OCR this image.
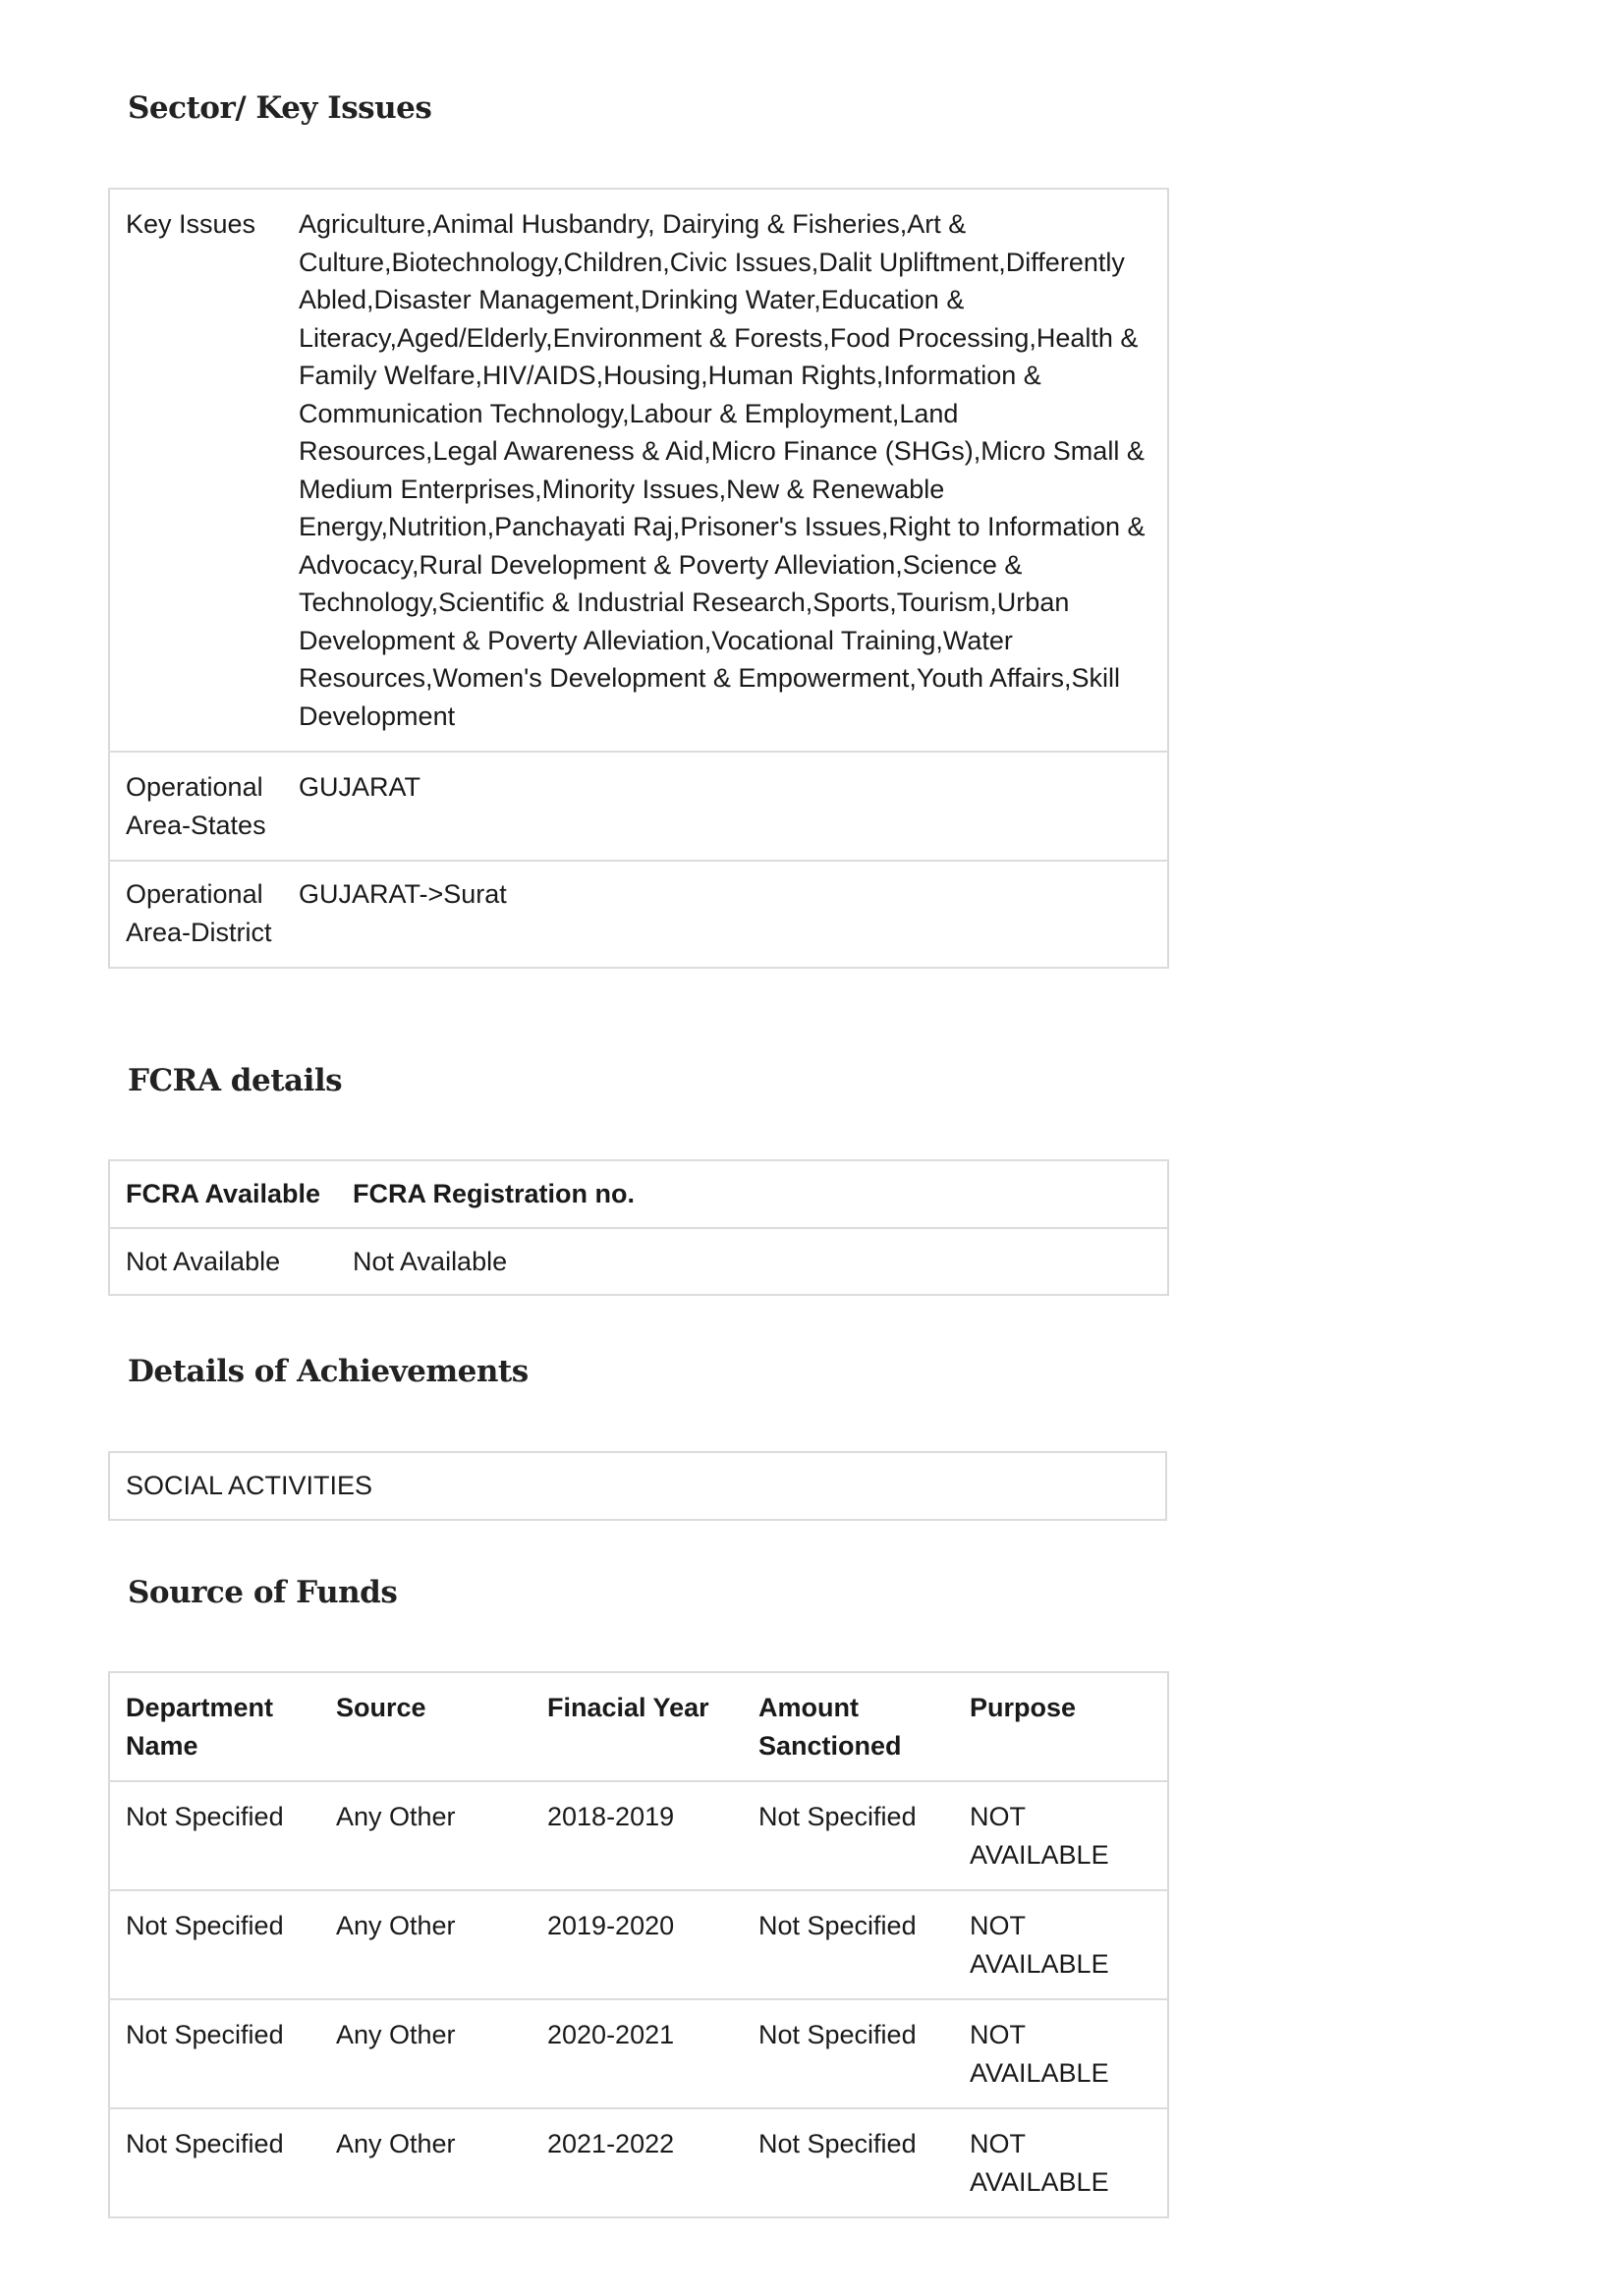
Sector/ Key Issues
Key Issues	Agriculture,Animal Husbandry, Dairying & Fisheries,Art & Culture,Biotechnology,Children,Civic Issues,Dalit Upliftment,Differently Abled,Disaster Management,Drinking Water,Education & Literacy,Aged/Elderly,Environment & Forests,Food Processing,Health & Family Welfare,HIV/AIDS,Housing,Human Rights,Information & Communication Technology,Labour & Employment,Land Resources,Legal Awareness & Aid,Micro Finance (SHGs),Micro Small & Medium Enterprises,Minority Issues,New & Renewable Energy,Nutrition,Panchayati Raj,Prisoner's Issues,Right to Information & Advocacy,Rural Development & Poverty Alleviation,Science & Technology,Scientific & Industrial Research,Sports,Tourism,Urban Development & Poverty Alleviation,Vocational Training,Water Resources,Women's Development & Empowerment,Youth Affairs,Skill Development
Operational Area-States	GUJARAT
Operational Area-District	GUJARAT->Surat
FCRA details
FCRA Available	FCRA Registration no.
Not Available	Not Available
Details of Achievements
SOCIAL ACTIVITIES
Source of Funds
Department Name	Source	Finacial Year	Amount Sanctioned	Purpose
Not Specified	Any Other	2018-2019	Not Specified	NOT AVAILABLE
Not Specified	Any Other	2019-2020	Not Specified	NOT AVAILABLE
Not Specified	Any Other	2020-2021	Not Specified	NOT AVAILABLE
Not Specified	Any Other	2021-2022	Not Specified	NOT AVAILABLE
